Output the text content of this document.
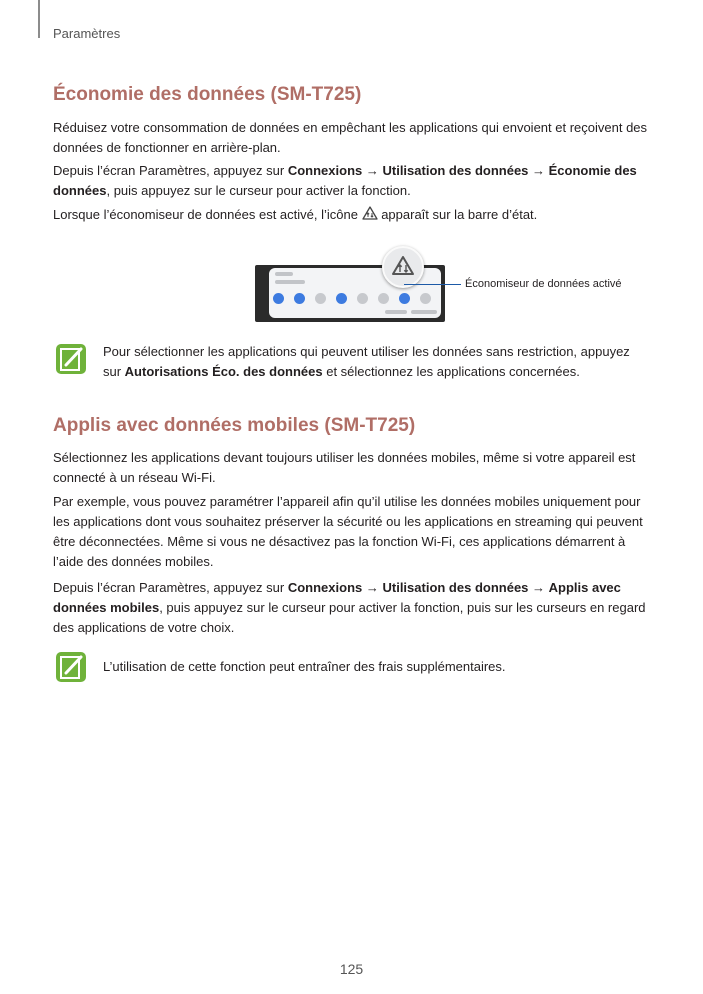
Paramètres
Économie des données (SM-T725)

Réduisez votre consommation de données en empêchant les applications qui envoient et reçoivent des données de fonctionner en arrière-plan.

Depuis l’écran Paramètres, appuyez sur Connexions → Utilisation des données → Économie des données, puis appuyez sur le curseur pour activer la fonction.

Lorsque l’économiseur de données est activé, l’icône  apparaît sur la barre d’état.

Économiseur de données activé

Pour sélectionner les applications qui peuvent utiliser les données sans restriction, appuyez sur Autorisations Éco. des données et sélectionnez les applications concernées.

Applis avec données mobiles (SM-T725)

Sélectionnez les applications devant toujours utiliser les données mobiles, même si votre appareil est connecté à un réseau Wi-Fi.

Par exemple, vous pouvez paramétrer l’appareil afin qu’il utilise les données mobiles uniquement pour les applications dont vous souhaitez préserver la sécurité ou les applications en streaming qui peuvent être déconnectées. Même si vous ne désactivez pas la fonction Wi-Fi, ces applications démarrent à l’aide des données mobiles.

Depuis l’écran Paramètres, appuyez sur Connexions → Utilisation des données → Applis avec données mobiles, puis appuyez sur le curseur pour activer la fonction, puis sur les curseurs en regard des applications de votre choix.

L’utilisation de cette fonction peut entraîner des frais supplémentaires.

125
